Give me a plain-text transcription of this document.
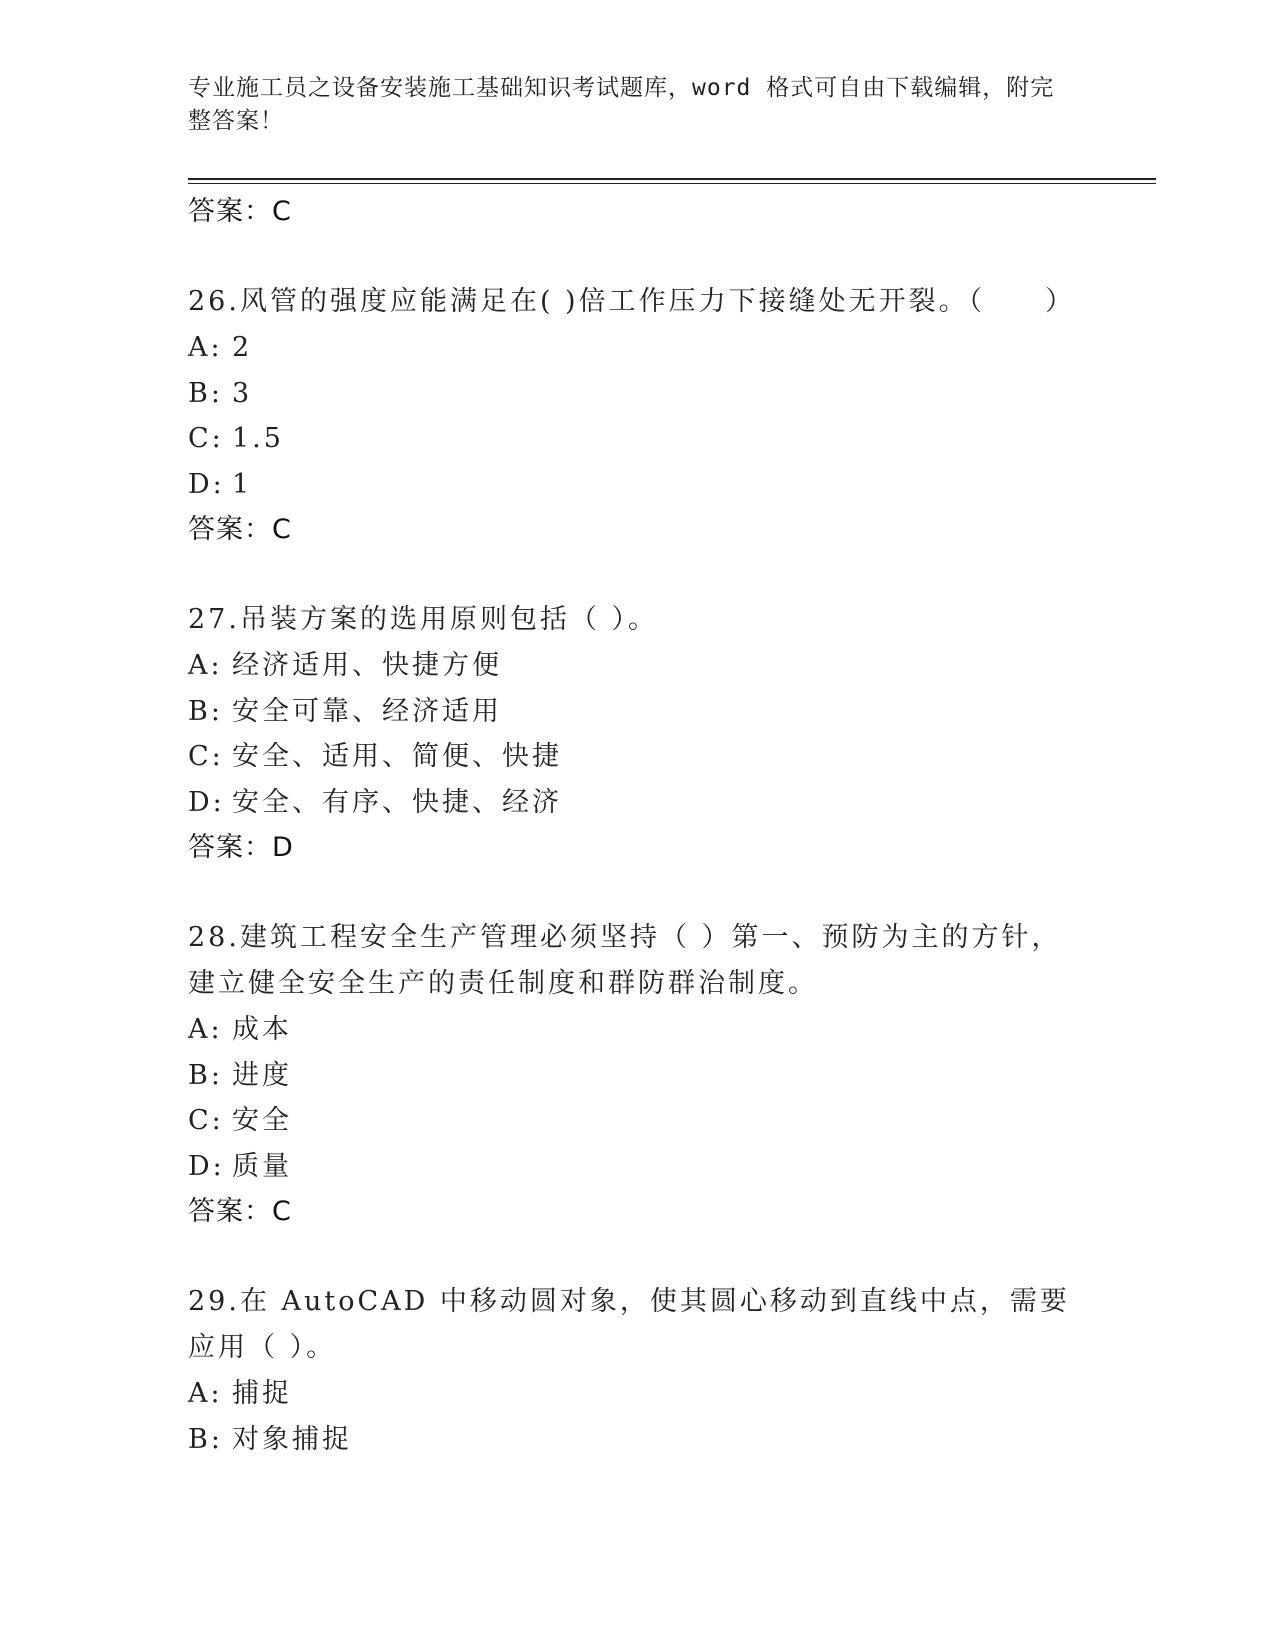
专业施工员之设备安装施工基础知识考试题库，word 格式可自由下载编辑，附完整答案！
答案：C

26.风管的强度应能满足在( )倍工作压力下接缝处无开裂。（　　）

A: 2
B: 3
C: 1.5
D: 1
答案：C

27.吊装方案的选用原则包括（ ）。

A: 经济适用、快捷方便
B: 安全可靠、经济适用
C: 安全、适用、简便、快捷
D: 安全、有序、快捷、经济
答案：D

28.建筑工程安全生产管理必须坚持（ ）第一、预防为主的方针，建立健全安全生产的责任制度和群防群治制度。

A: 成本
B: 进度
C: 安全
D: 质量
答案：C

29.在 AutoCAD 中移动圆对象，使其圆心移动到直线中点，需要应用（ ）。

A: 捕捉
B: 对象捕捉
